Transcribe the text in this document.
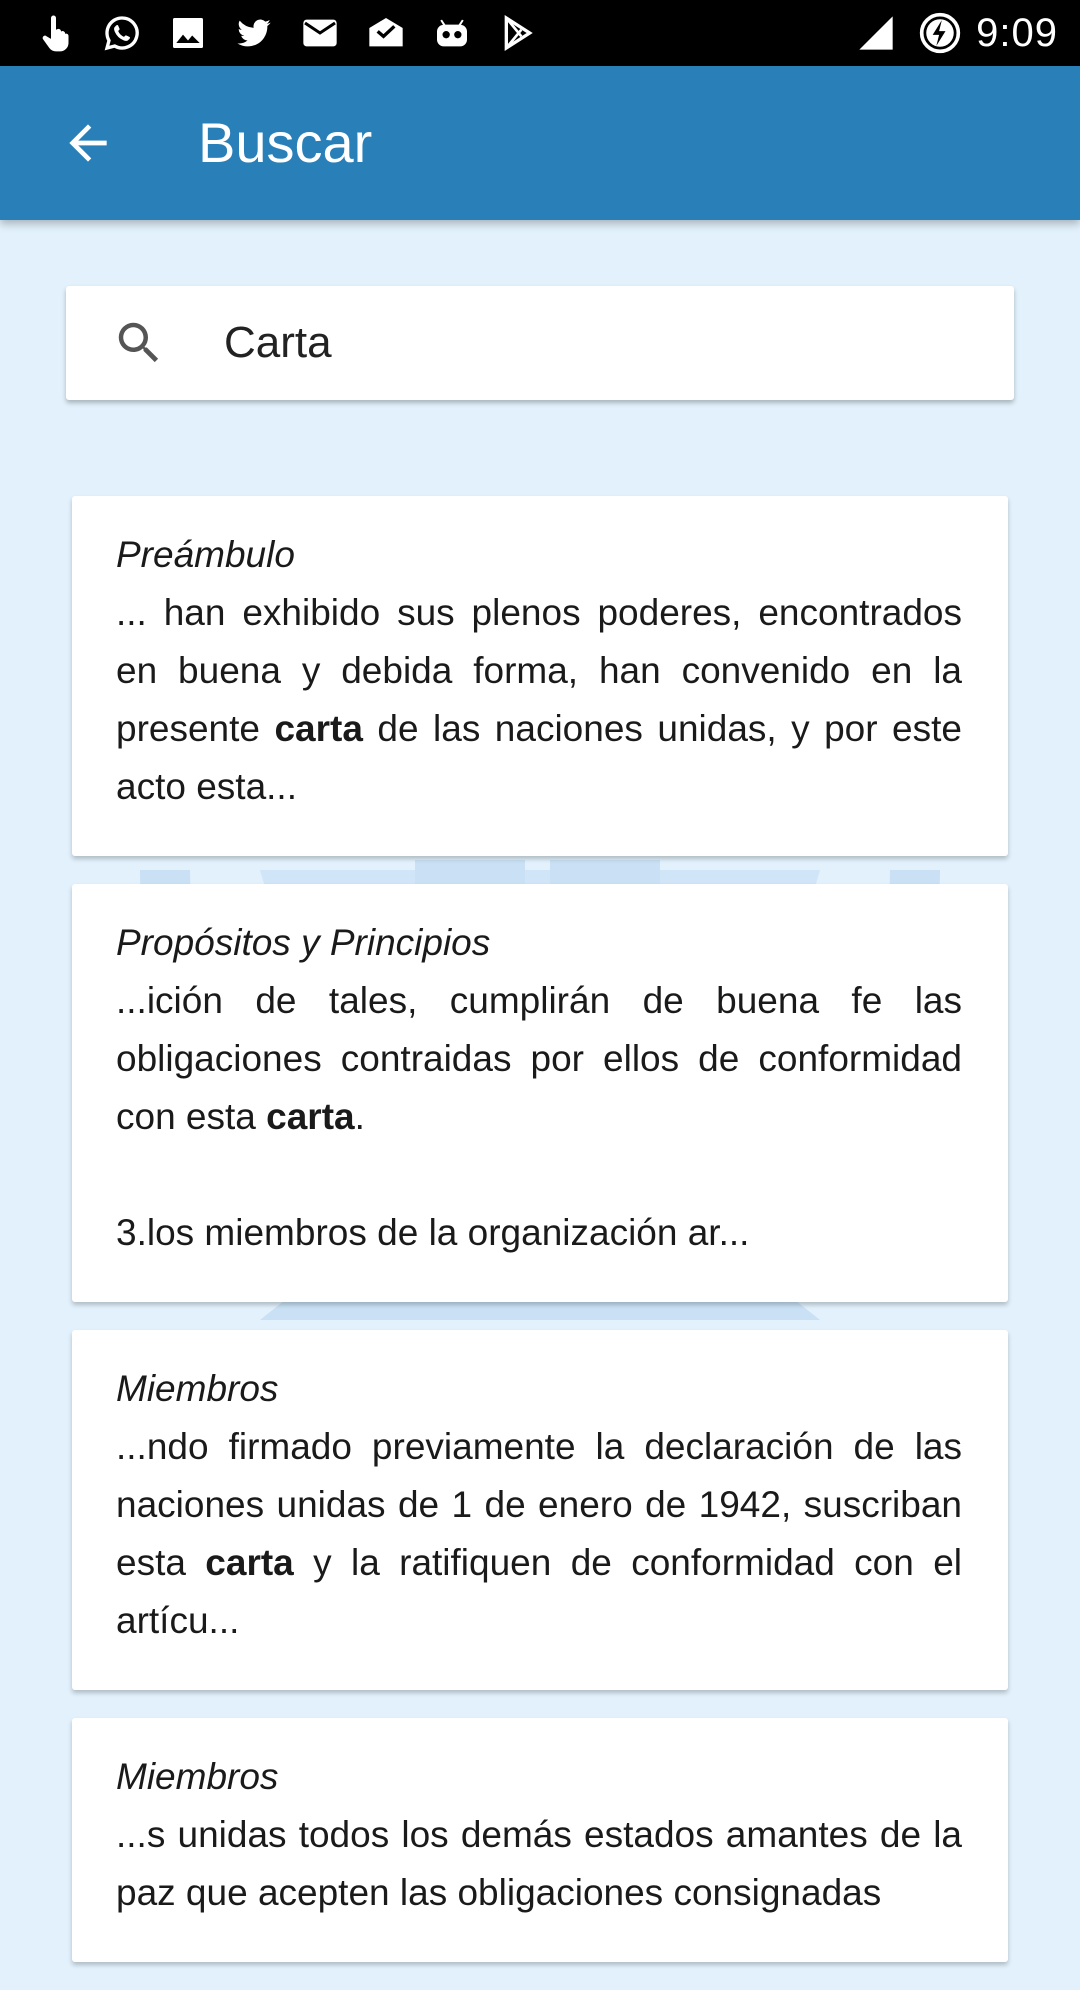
9:09
Buscar
Carta
Preámbulo

... han exhibido sus plenos poderes, encontrados en buena y debida forma, han convenido en la presente carta de las naciones unidas, y por este acto esta...

Propósitos y Principios

...ición de tales, cumplirán de buena fe las obligaciones contraidas por ellos de conformidad con esta carta.

3.los miembros de la organización ar...
Miembros

...ndo firmado previamente la declaración de las naciones unidas de 1 de enero de 1942, suscriban esta carta y la ratifiquen de conformidad con el artícu...

Miembros

...s unidas todos los demás estados amantes de la paz que acepten las obligaciones consignadas
